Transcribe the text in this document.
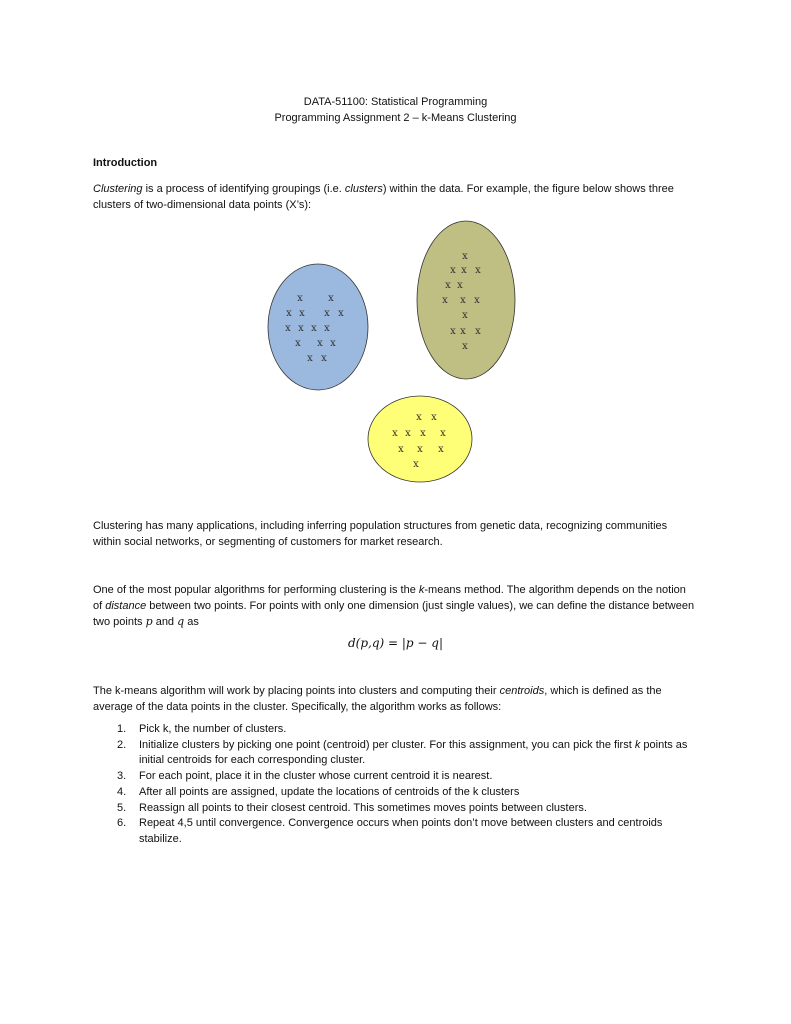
DATA-51100: Statistical Programming
Programming Assignment 2 – k-Means Clustering
Introduction
Clustering is a process of identifying groupings (i.e. clusters) within the data. For example, the figure below shows three clusters of two-dimensional data points (X’s):
x	x
x x x x
x x x x
x x x
x x
x
x x x
x x
x x x
x
x x x
x
x x
x x x x
x x x
x
Clustering has many applications, including inferring population structures from genetic data, recognizing communities within social networks, or segmenting of customers for market research.
One of the most popular algorithms for performing clustering is the k-means method. The algorithm depends on the notion of distance between two points. For points with only one dimension (just single values), we can define the distance between two points p and q as
d(p,q) = |p − q|
The k-means algorithm will work by placing points into clusters and computing their centroids, which is defined as the average of the data points in the cluster. Specifically, the algorithm works as follows:
1. Pick k, the number of clusters.
2. Initialize clusters by picking one point (centroid) per cluster. For this assignment, you can pick the first k points as initial centroids for each corresponding cluster.
3. For each point, place it in the cluster whose current centroid it is nearest.
4. After all points are assigned, update the locations of centroids of the k clusters
5. Reassign all points to their closest centroid. This sometimes moves points between clusters.
6. Repeat 4,5 until convergence. Convergence occurs when points don’t move between clusters and centroids stabilize.
